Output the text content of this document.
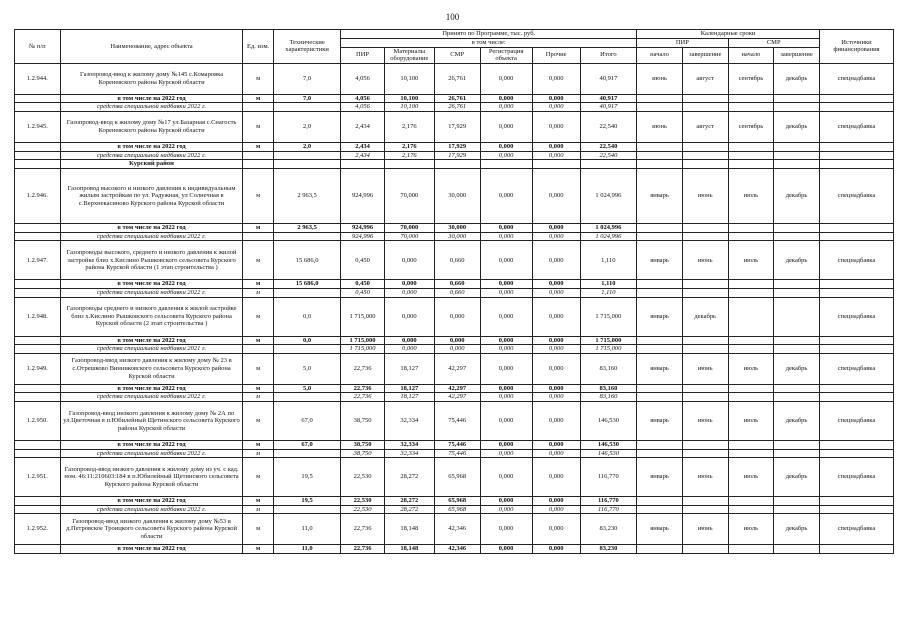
100
№ п/п	Наименование, адрес объекта	Ед. изм.	Технические характеристики	Принято по Программе, тыс. руб.						Календарные сроки				Источники финансирования
				в том числе:						ПИР		СМР		
				ПИР	Материалы оборудование	СМР	Регистрация объекта	Прочие	Итого	начало	завершение	начало	завершение	
1.2.944.	Газопровод-ввод к жилому дому №145 с.Комаровка Кореневского района Курской области	м	7,0	4,056	10,100	26,761	0,000	0,000	40,917	июнь	август	сентябрь	декабрь	спецнадбавка
	в том числе на 2022 год	м	7,0	4,056	10,100	26,761	0,000	0,000	40,917					
	средства специальной надбавки 2022 г.			4,056	10,100	26,761	0,000	0,000	40,917					
1.2.945.	Газопровод-ввод к жилому дому №17 ул.Базарная с.Снагость Кореневского района Курской области	м	2,0	2,434	2,176	17,929	0,000	0,000	22,540	июнь	август	сентябрь	декабрь	спецнадбавка
	в том числе на 2022 год	м	2,0	2,434	2,176	17,929	0,000	0,000	22,540					
	средства специальной надбавки 2022 г.			2,434	2,176	17,929	0,000	0,000	22,540					
	Курский район													
1.2.946.	Газопровод высокого и низкого давления к индивидуальным жилым застройкам по ул. Радужная, ул Солнечная в с.Верхнекасиново Курского района Курской области	м	2 963,5	924,996	70,000	30,000	0,000	0,000	1 024,996	январь	июнь	июль	декабрь	спецнадбавка
	в том числе на 2022 год	м	2 963,5	924,996	70,000	30,000	0,000	0,000	1 024,996					
	средства специальной надбавки 2022 г.			924,996	70,000	30,000	0,000	0,000	1 024,996					
1.2.947.	Газопроводы высокого, среднего и низкого давления к жилой застройке близ х.Кислино Рышковского сельсовета Курского района Курской области (1 этап строительства )	м	15 686,0	0,450	0,000	0,660	0,000	0,000	1,110	январь	июнь	июль	декабрь	спецнадбавка
	в том числе на 2022 год	м	15 686,0	0,450	0,000	0,660	0,000	0,000	1,110					
	средства специальной надбавки 2022 г.	м		0,450	0,000	0,660	0,000	0,000	1,110					
1.2.948.	Газопроводы среднего и низкого давления к жилой застройке близ х.Кислино Рышковского сельсовета Курского района Курской области (2 этап строительства )	м	0,0	1 715,000	0,000	0,000	0,000	0,000	1 715,000	январь	декабрь			спецнадбавка
	в том числе на 2022 год	м	0,0	1 715,000	0,000	0,000	0,000	0,000	1 715,000					
	средства специальной надбавки 2021 г.			1 715,000	0,000	0,000	0,000	0,000	1 715,000					
1.2.949.	Газопровод-ввод низкого давления к жилому дому № 23 в с.Отрешково Винниковского сельсовета Курского района Курской области	м	5,0	22,736	18,127	42,297	0,000	0,000	83,160	январь	июнь	июль	декабрь	спецнадбавка
	в том числе на 2022 год	м	5,0	22,736	18,127	42,297	0,000	0,000	83,160					
	средства специальной надбавки 2022 г.	м		22,736	18,127	42,297	0,000	0,000	83,160					
1.2.950.	Газопровод-ввод низкого давления к жилому дому № 2А по ул.Цветочная в п.Юбилейный Щетинского сельсовета Курского района Курской области	м	67,0	38,750	32,334	75,446	0,000	0,000	146,530	январь	июнь	июль	декабрь	спецнадбавка
	в том числе на 2022 год	м	67,0	38,750	32,334	75,446	0,000	0,000	146,530					
	средства специальной надбавки 2022 г.	м		38,750	32,334	75,446	0,000	0,000	146,530					
1.2.951.	Газопровод-ввод низкого давления к жилому дому из уч. с кад. ном. 46:11:210603:184 в п.Юбилейный Щетинского сельсовета Курского района Курской области	м	19,5	22,530	28,272	65,968	0,000	0,000	116,770	январь	июнь	июль	декабрь	спецнадбавка
	в том числе на 2022 год	м	19,5	22,530	28,272	65,968	0,000	0,000	116,770					
	средства специальной надбавки 2022 г.	м		22,530	28,272	65,968	0,000	0,000	116,770					
1.2.952.	Газопровод-ввод низкого давления к жилому дому №53 в д.Петровское Троицкого сельсовета Курского района Курской области	м	11,0	22,736	18,148	42,346	0,000	0,000	83,230	январь	июнь	июль	декабрь	спецнадбавка
	в том числе на 2022 год	м	11,0	22,736	18,148	42,346	0,000	0,000	83,230					
